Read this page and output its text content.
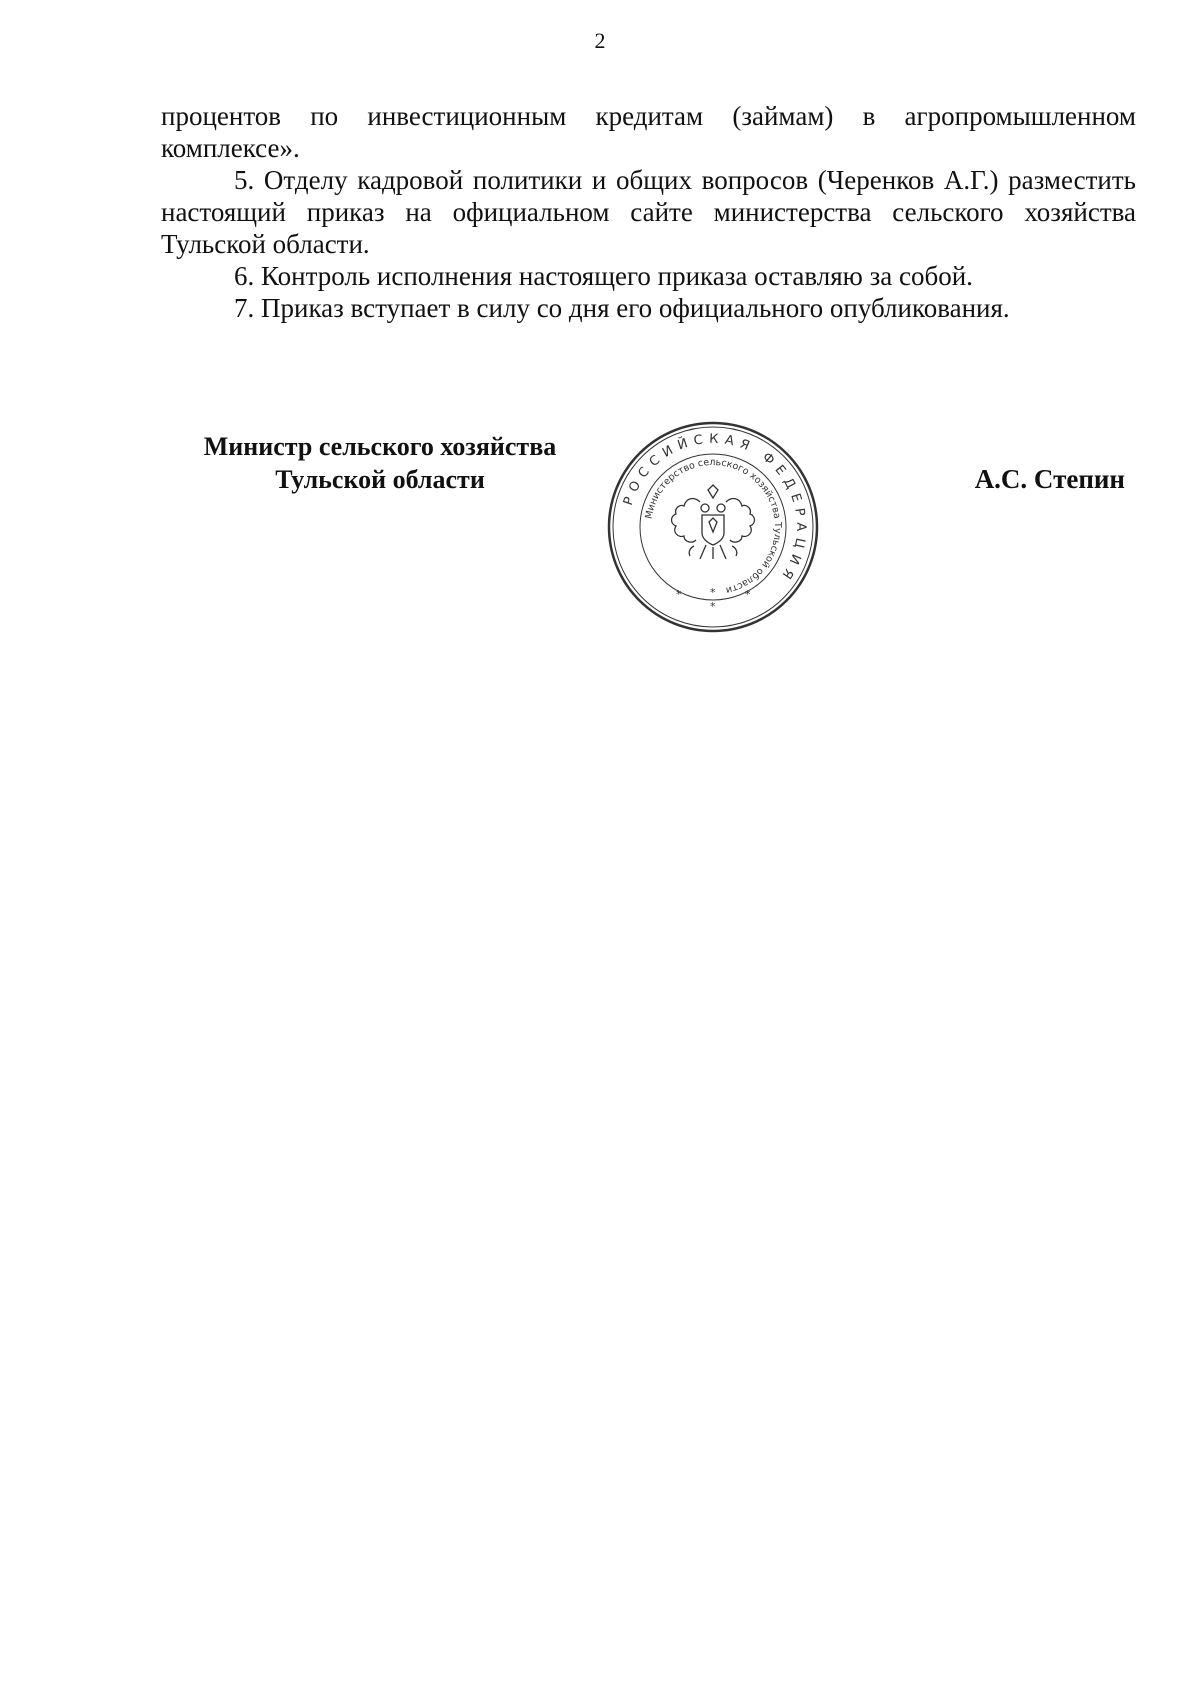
2

процентов по инвестиционным кредитам (займам) в агропромышленном комплексе».

5. Отделу кадровой политики и общих вопросов (Черенков А.Г.) разместить настоящий приказ на официальном сайте министерства сельского хозяйства Тульской области.

6. Контроль исполнения настоящего приказа оставляю за собой.

7. Приказ вступает в силу со дня его официального опубликования.

Министр сельского хозяйства
Тульской области
РОССИЙСКАЯ ФЕДЕРАЦИЯ
Министерство сельского хозяйства Тульской области
*	*	*
*
А.С. Степин
